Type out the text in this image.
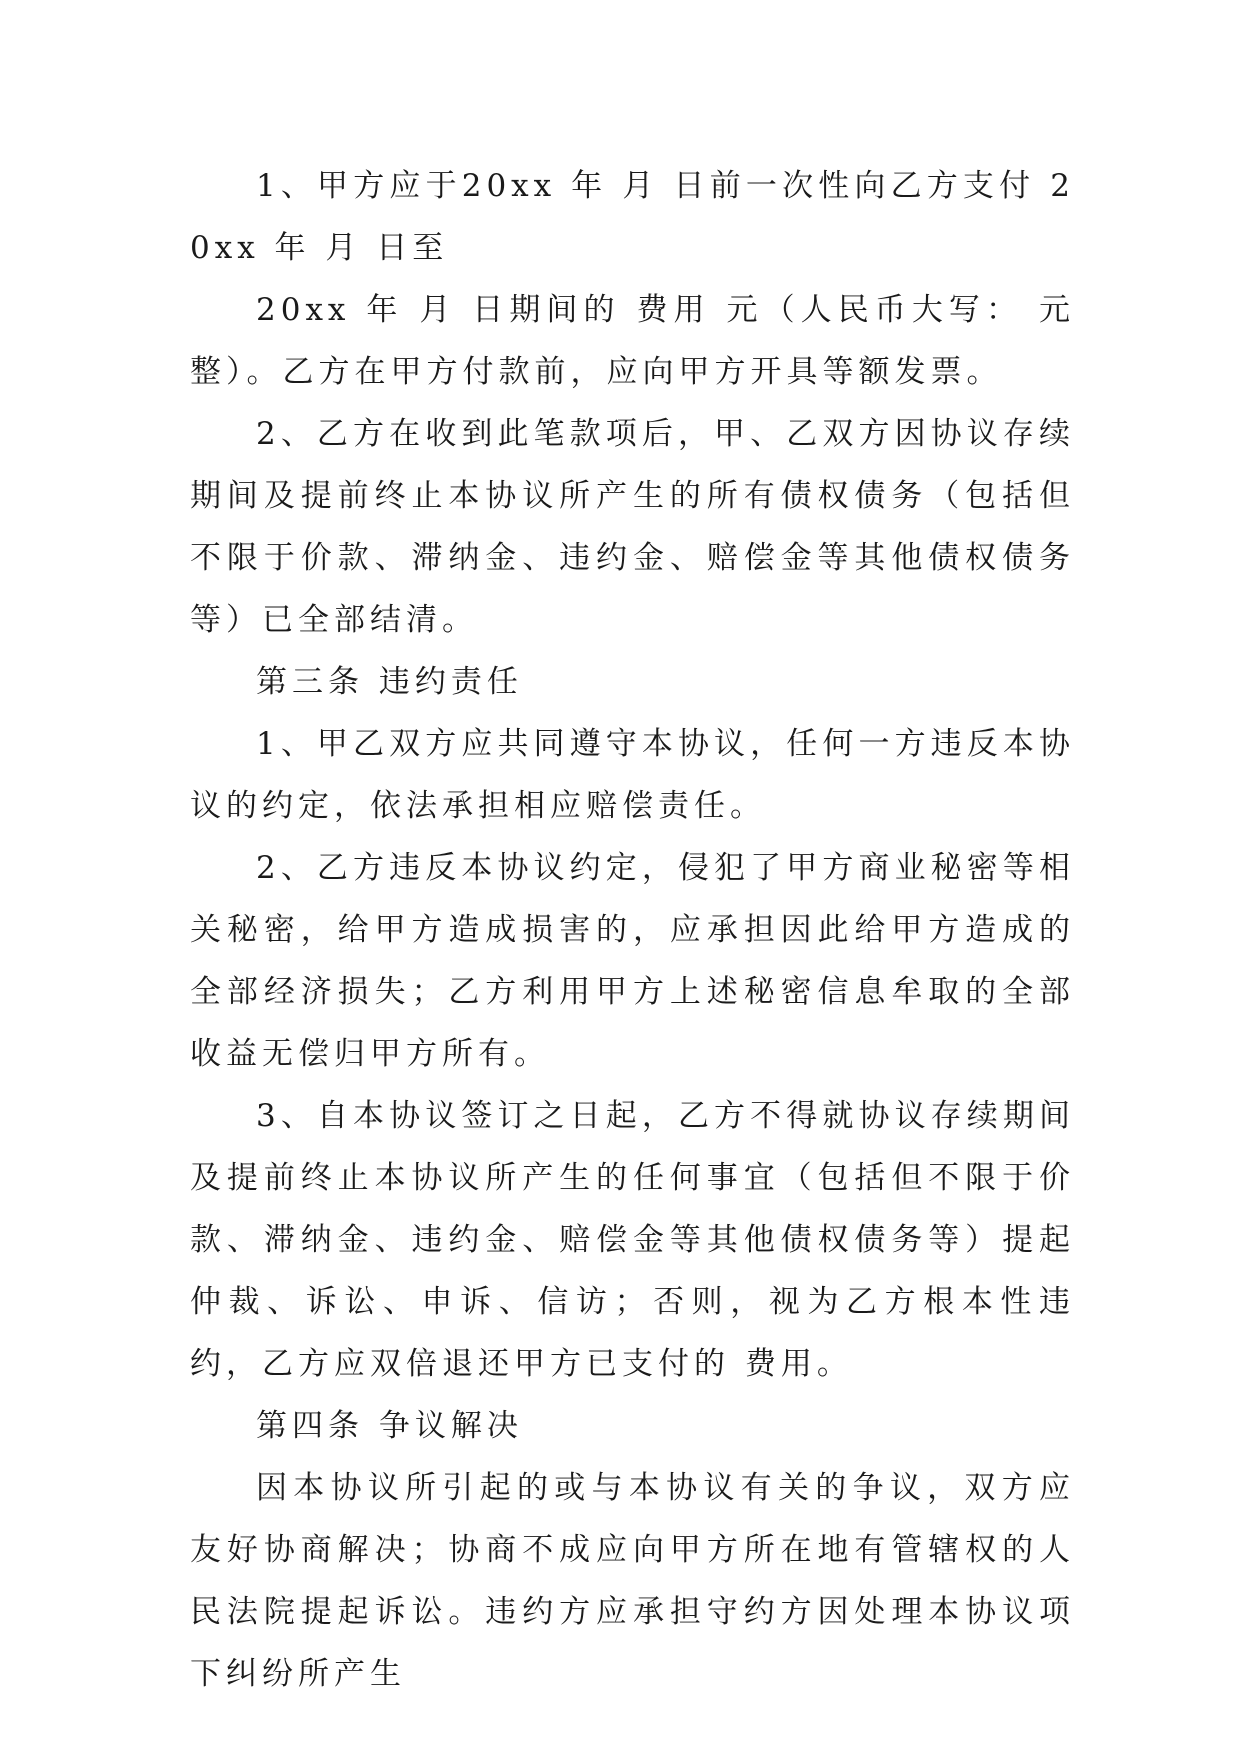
1、甲方应于20xx 年 月 日前一次性向乙方支付 20xx 年 月 日至

20xx 年 月 日期间的 费用 元（人民币大写： 元整）。乙方在甲方付款前，应向甲方开具等额发票。

2、乙方在收到此笔款项后，甲、乙双方因协议存续期间及提前终止本协议所产生的所有债权债务（包括但不限于价款、滞纳金、违约金、赔偿金等其他债权债务等）已全部结清。

第三条 违约责任

1、甲乙双方应共同遵守本协议，任何一方违反本协议的约定，依法承担相应赔偿责任。

2、乙方违反本协议约定，侵犯了甲方商业秘密等相关秘密，给甲方造成损害的，应承担因此给甲方造成的全部经济损失；乙方利用甲方上述秘密信息牟取的全部收益无偿归甲方所有。

3、自本协议签订之日起，乙方不得就协议存续期间及提前终止本协议所产生的任何事宜（包括但不限于价款、滞纳金、违约金、赔偿金等其他债权债务等）提起仲裁、诉讼、申诉、信访；否则，视为乙方根本性违约，乙方应双倍退还甲方已支付的 费用。

第四条 争议解决

因本协议所引起的或与本协议有关的争议，双方应友好协商解决；协商不成应向甲方所在地有管辖权的人民法院提起诉讼。违约方应承担守约方因处理本协议项下纠纷所产生
